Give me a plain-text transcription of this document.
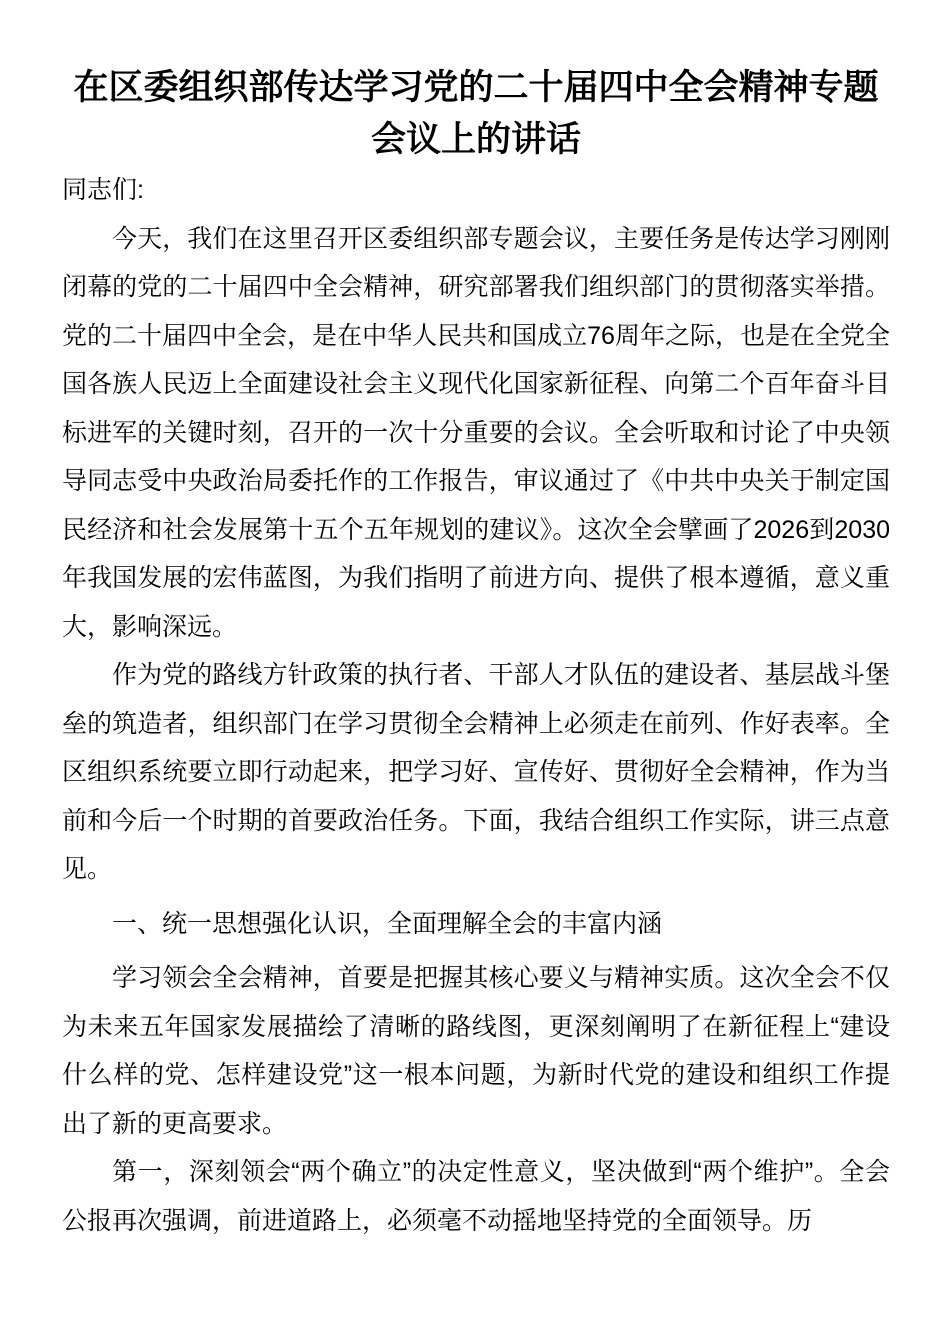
在区委组织部传达学习党的二十届四中全会精神专题会议上的讲话

同志们:

今天，我们在这里召开区委组织部专题会议，主要任务是传达学习刚刚闭幕的党的二十届四中全会精神，研究部署我们组织部门的贯彻落实举措。党的二十届四中全会，是在中华人民共和国成立76周年之际，也是在全党全国各族人民迈上全面建设社会主义现代化国家新征程、向第二个百年奋斗目标进军的关键时刻，召开的一次十分重要的会议。全会听取和讨论了中央领导同志受中央政治局委托作的工作报告，审议通过了《中共中央关于制定国民经济和社会发展第十五个五年规划的建议》。这次全会擘画了2026到2030年我国发展的宏伟蓝图，为我们指明了前进方向、提供了根本遵循，意义重大，影响深远。

作为党的路线方针政策的执行者、干部人才队伍的建设者、基层战斗堡垒的筑造者，组织部门在学习贯彻全会精神上必须走在前列、作好表率。全区组织系统要立即行动起来，把学习好、宣传好、贯彻好全会精神，作为当前和今后一个时期的首要政治任务。下面，我结合组织工作实际，讲三点意见。

一、统一思想强化认识，全面理解全会的丰富内涵

学习领会全会精神，首要是把握其核心要义与精神实质。这次全会不仅为未来五年国家发展描绘了清晰的路线图，更深刻阐明了在新征程上“建设什么样的党、怎样建设党”这一根本问题，为新时代党的建设和组织工作提出了新的更高要求。

第一，深刻领会“两个确立”的决定性意义，坚决做到“两个维护”。全会公报再次强调，前进道路上，必须毫不动摇地坚持党的全面领导。历
